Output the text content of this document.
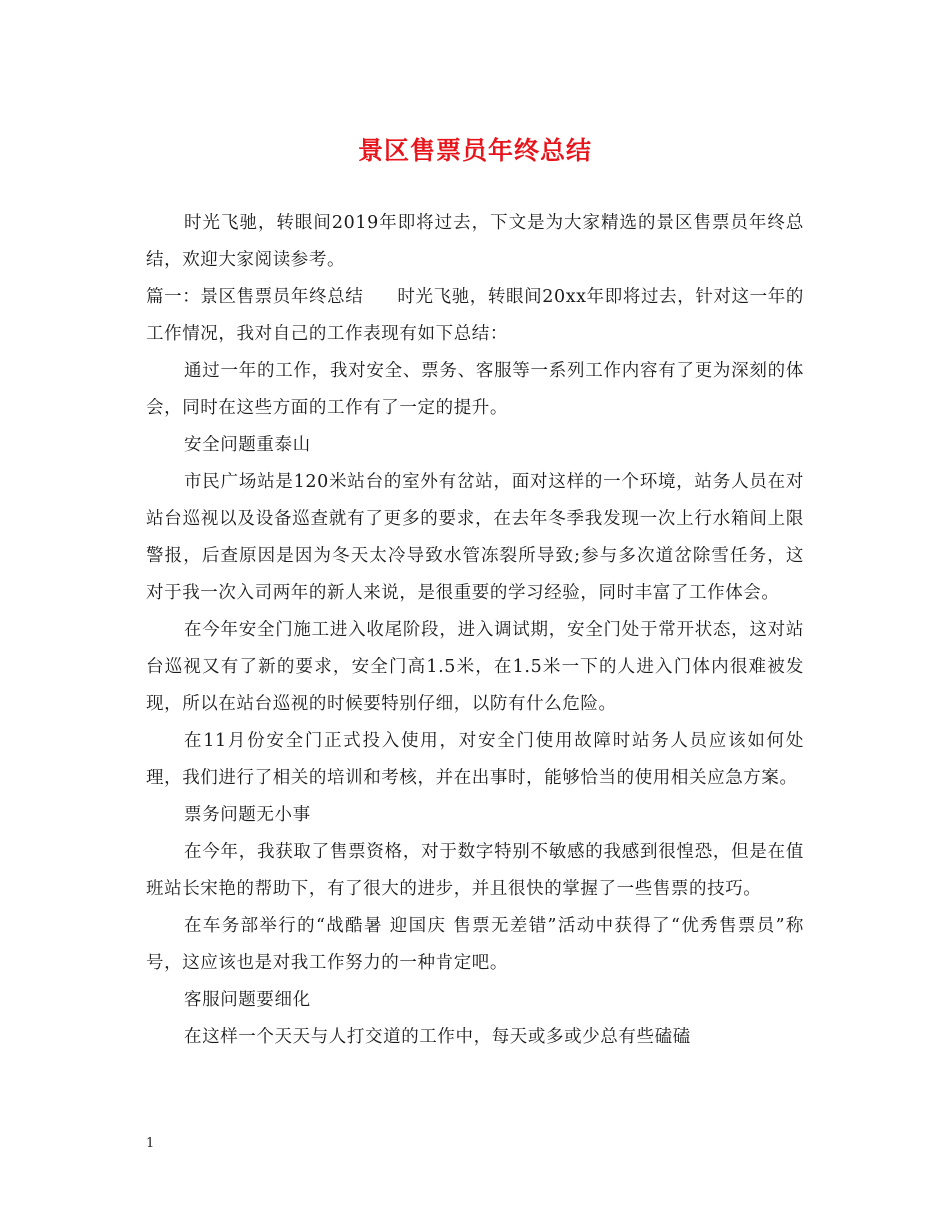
景区售票员年终总结

时光飞驰，转眼间2019年即将过去，下文是为大家精选的景区售票员年终总结，欢迎大家阅读参考。

篇一：景区售票员年终总结 时光飞驰，转眼间20xx年即将过去，针对这一年的工作情况，我对自己的工作表现有如下总结：

通过一年的工作，我对安全、票务、客服等一系列工作内容有了更为深刻的体会，同时在这些方面的工作有了一定的提升。

安全问题重泰山

市民广场站是120米站台的室外有岔站，面对这样的一个环境，站务人员在对站台巡视以及设备巡查就有了更多的要求，在去年冬季我发现一次上行水箱间上限警报，后查原因是因为冬天太冷导致水管冻裂所导致;参与多次道岔除雪任务，这对于我一次入司两年的新人来说，是很重要的学习经验，同时丰富了工作体会。

在今年安全门施工进入收尾阶段，进入调试期，安全门处于常开状态，这对站台巡视又有了新的要求，安全门高1.5米，在1.5米一下的人进入门体内很难被发现，所以在站台巡视的时候要特别仔细，以防有什么危险。

在11月份安全门正式投入使用，对安全门使用故障时站务人员应该如何处理，我们进行了相关的培训和考核，并在出事时，能够恰当的使用相关应急方案。

票务问题无小事

在今年，我获取了售票资格，对于数字特别不敏感的我感到很惶恐，但是在值班站长宋艳的帮助下，有了很大的进步，并且很快的掌握了一些售票的技巧。

在车务部举行的“战酷暑 迎国庆 售票无差错”活动中获得了“优秀售票员”称号，这应该也是对我工作努力的一种肯定吧。

客服问题要细化

在这样一个天天与人打交道的工作中，每天或多或少总有些磕磕

1
